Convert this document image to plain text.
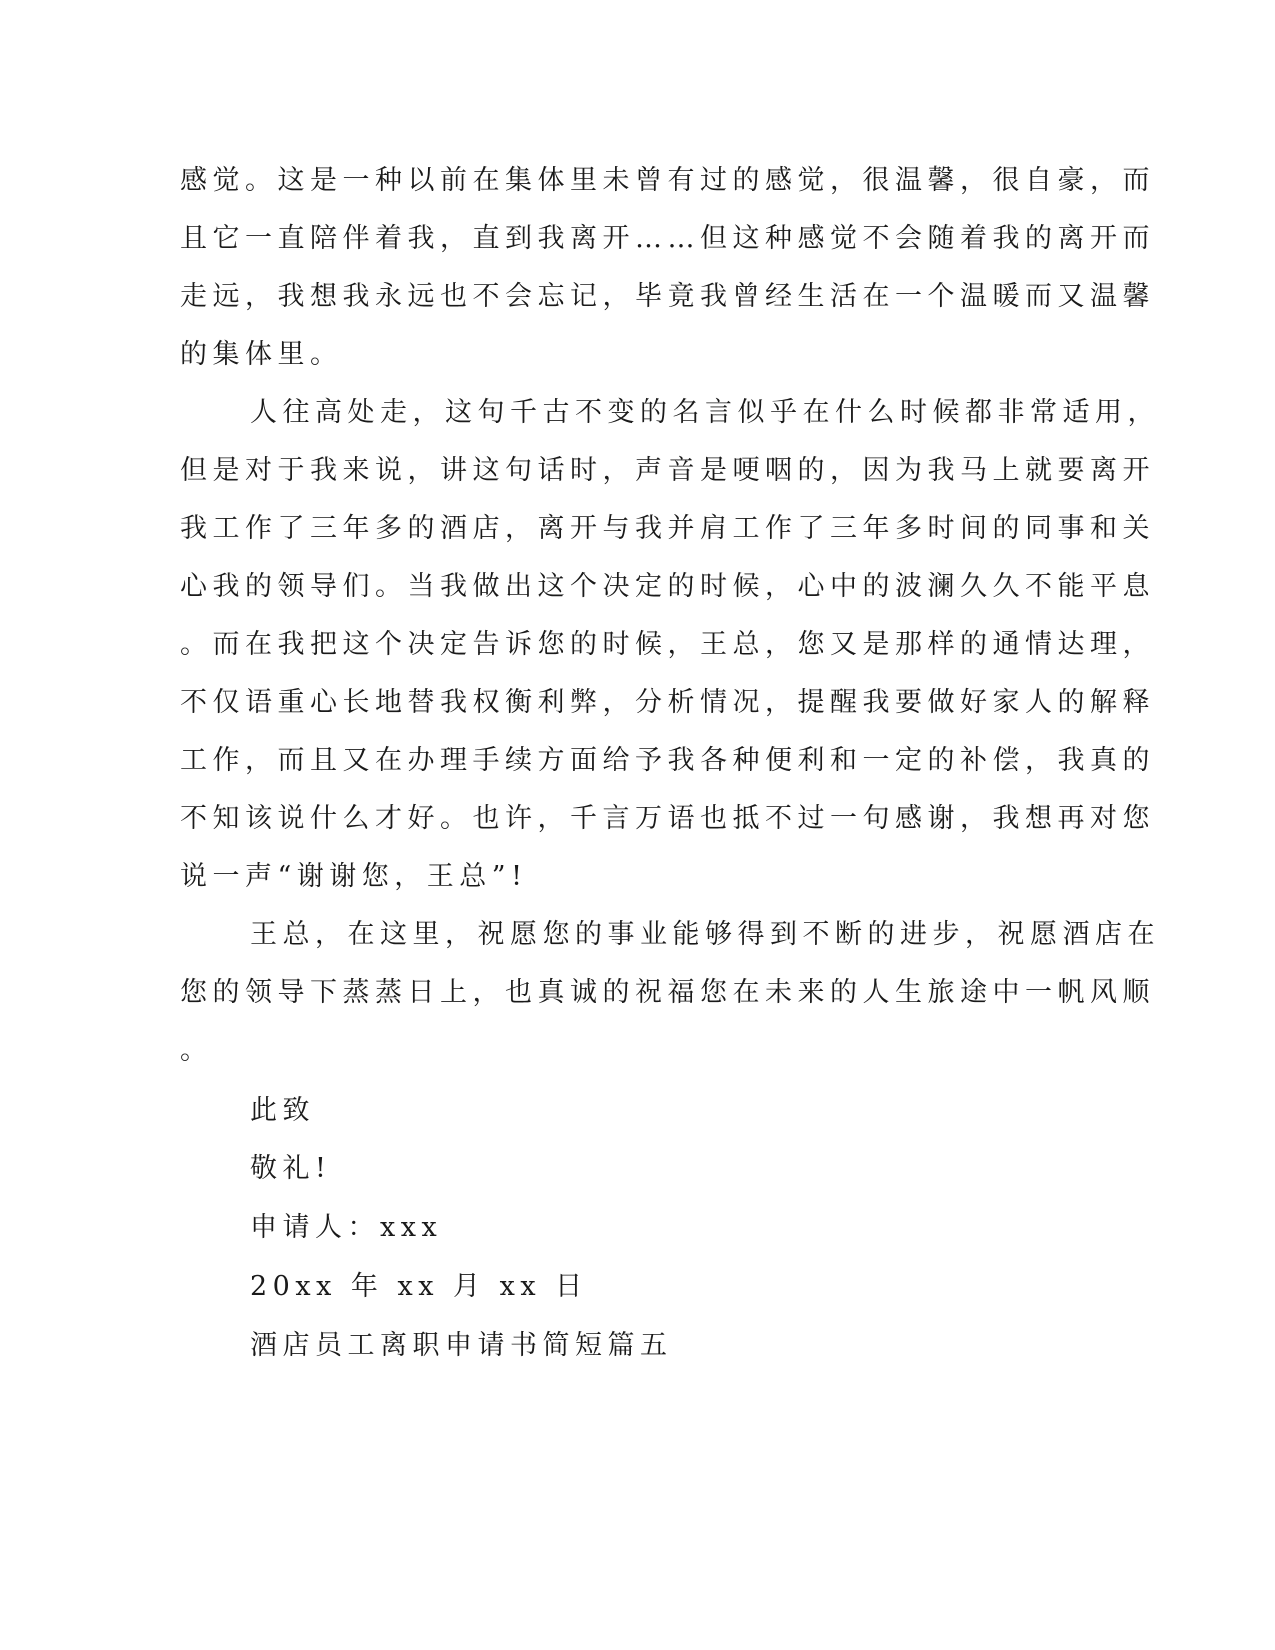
感觉。这是一种以前在集体里未曾有过的感觉，很温馨，很自豪，而
且它一直陪伴着我，直到我离开……但这种感觉不会随着我的离开而
走远，我想我永远也不会忘记，毕竟我曾经生活在一个温暖而又温馨
的集体里。
人往高处走，这句千古不变的名言似乎在什么时候都非常适用，
但是对于我来说，讲这句话时，声音是哽咽的，因为我马上就要离开
我工作了三年多的酒店，离开与我并肩工作了三年多时间的同事和关
心我的领导们。当我做出这个决定的时候，心中的波澜久久不能平息
。而在我把这个决定告诉您的时候，王总，您又是那样的通情达理，
不仅语重心长地替我权衡利弊，分析情况，提醒我要做好家人的解释
工作，而且又在办理手续方面给予我各种便利和一定的补偿，我真的
不知该说什么才好。也许，千言万语也抵不过一句感谢，我想再对您
说一声“谢谢您，王总”!
王总，在这里，祝愿您的事业能够得到不断的进步，祝愿酒店在
您的领导下蒸蒸日上，也真诚的祝福您在未来的人生旅途中一帆风顺
。
此致
敬礼!
申请人：xxx
20xx 年 xx 月 xx 日
酒店员工离职申请书简短篇五
